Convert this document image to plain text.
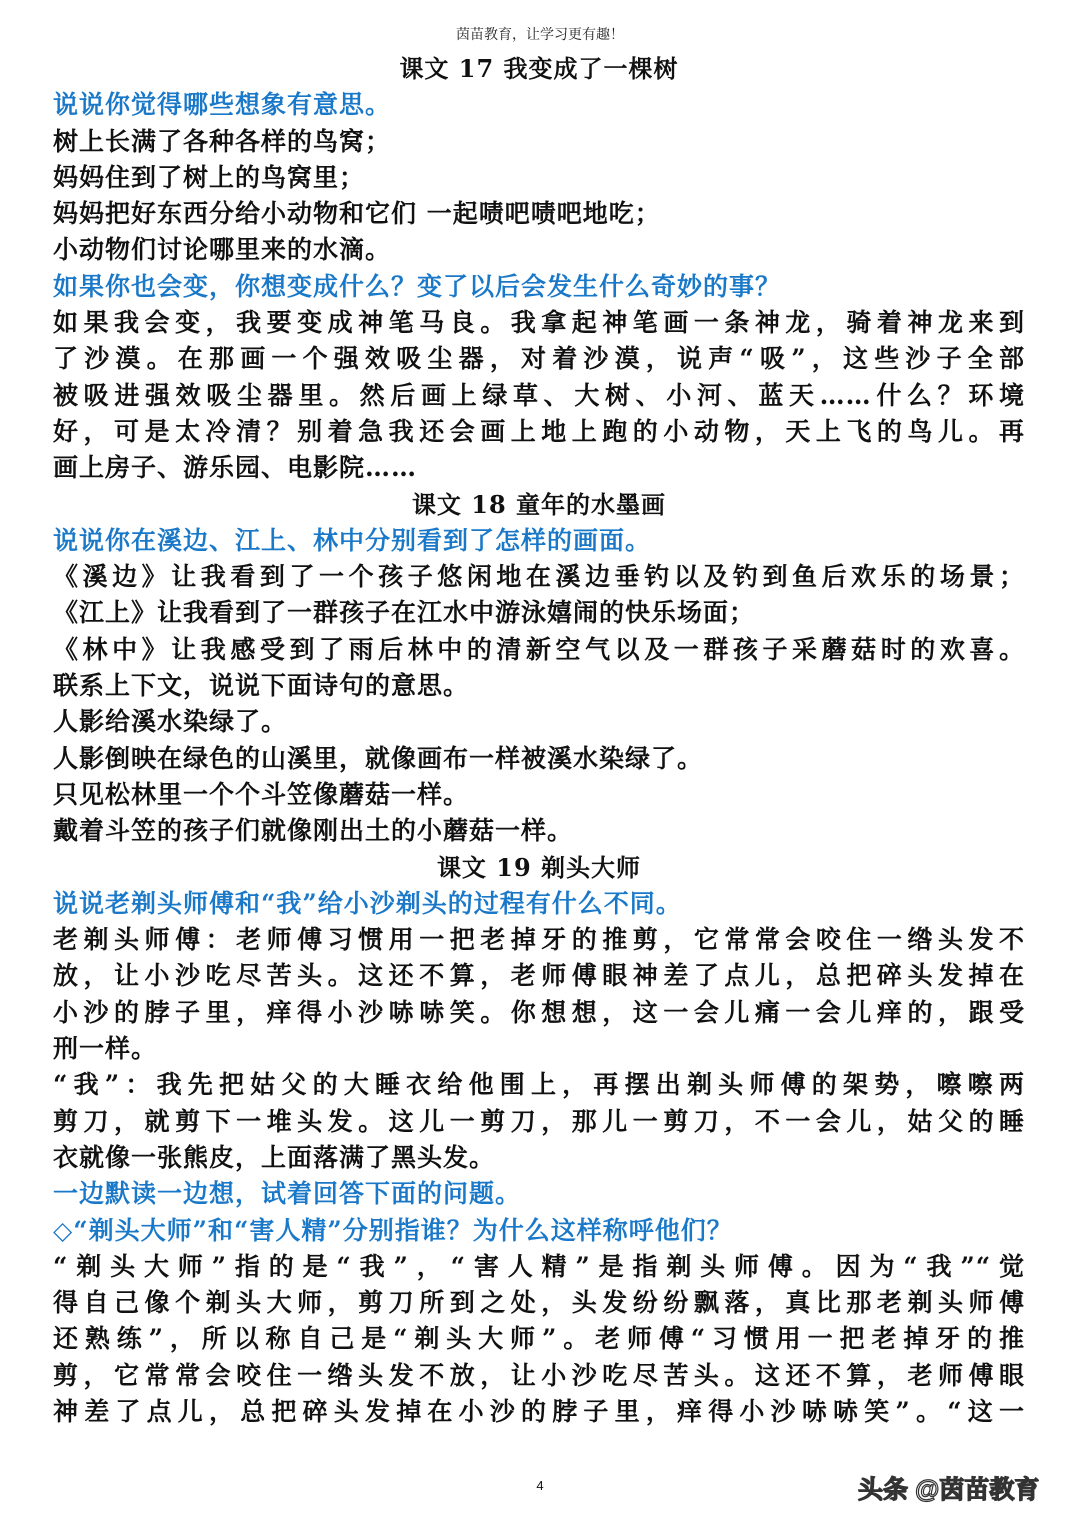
茵苗教育，让学习更有趣！
课文 17 我变成了一棵树
说说你觉得哪些想象有意思。
树上长满了各种各样的鸟窝；
妈妈住到了树上的鸟窝里；
妈妈把好东西分给小动物和它们 一起啧吧啧吧地吃；
小动物们讨论哪里来的水滴。
如果你也会变，你想变成什么？变了以后会发生什么奇妙的事？
如果我会变，我要变成神笔马良。我拿起神笔画一条神龙，骑着神龙来到
了沙漠。在那画一个强效吸尘器，对着沙漠，说声“吸”，这些沙子全部
被吸进强效吸尘器里。然后画上绿草、大树、小河、蓝天……什么？环境
好，可是太冷清？别着急我还会画上地上跑的小动物，天上飞的鸟儿。再
画上房子、游乐园、电影院……
课文 18 童年的水墨画
说说你在溪边、江上、林中分别看到了怎样的画面。
《溪边》让我看到了一个孩子悠闲地在溪边垂钓以及钓到鱼后欢乐的场景；
《江上》让我看到了一群孩子在江水中游泳嬉闹的快乐场面；
《林中》让我感受到了雨后林中的清新空气以及一群孩子采蘑菇时的欢喜。
联系上下文，说说下面诗句的意思。
人影给溪水染绿了。
人影倒映在绿色的山溪里，就像画布一样被溪水染绿了。
只见松林里一个个斗笠像蘑菇一样。
戴着斗笠的孩子们就像刚出土的小蘑菇一样。
课文 19 剃头大师
说说老剃头师傅和“我”给小沙剃头的过程有什么不同。
老剃头师傅：老师傅习惯用一把老掉牙的推剪，它常常会咬住一绺头发不
放，让小沙吃尽苦头。这还不算，老师傅眼神差了点儿，总把碎头发掉在
小沙的脖子里，痒得小沙哧哧笑。你想想，这一会儿痛一会儿痒的，跟受
刑一样。
“我”：我先把姑父的大睡衣给他围上，再摆出剃头师傅的架势，嚓嚓两
剪刀，就剪下一堆头发。这儿一剪刀，那儿一剪刀，不一会儿，姑父的睡
衣就像一张熊皮，上面落满了黑头发。
一边默读一边想，试着回答下面的问题。
◇“剃头大师”和“害人精”分别指谁？为什么这样称呼他们？
“剃头大师”指的是“我”，“害人精”是指剃头师傅。因为“我”“觉
得自己像个剃头大师，剪刀所到之处，头发纷纷飘落，真比那老剃头师傅
还熟练”，所以称自己是“剃头大师”。老师傅“习惯用一把老掉牙的推
剪，它常常会咬住一绺头发不放，让小沙吃尽苦头。这还不算，老师傅眼
神差了点儿，总把碎头发掉在小沙的脖子里，痒得小沙哧哧笑”。“这一
4	头条 @茵苗教育
